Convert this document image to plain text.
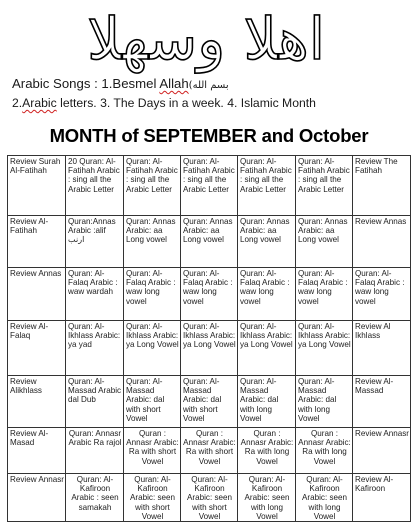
اهلا وسهلا
Arabic Songs : 1.Besmel Allah(بسم الله
2.Arabic letters. 3. The Days in a week. 4. Islamic Month
MONTH of SEPTEMBER and October
Review Surah Al-Fatihah	20 Quran: Al-Fatihah Arabic : sing all the Arabic Letter	Quran: Al-Fatihah Arabic : sing all the Arabic Letter	Quran: Al-Fatihah Arabic : sing all the Arabic Letter	Quran: Al-Fatihah Arabic : sing all the Arabic Letter	Quran: Al-Fatihah Arabic : sing all the Arabic Letter	Review The Fatihah
Review Al-Fatihah	Quran:Annas Arabic :alif ارنب	Quran: Annas Arabic: aa Long vowel	Quran: Annas Arabic: aa Long vowel	Quran: Annas Arabic: aa Long vowel	Quran: Annas Arabic: aa Long vowel	Review Annas
Review Annas	Quran: Al-Falaq Arabic : waw wardah	Quran: Al-Falaq Arabic : waw long vowel	Quran: Al-Falaq Arabic : waw long vowel	Quran: Al-Falaq Arabic : waw long vowel	Quran: Al-Falaq Arabic : waw long vowel	Quran: Al-Falaq Arabic : waw long vowel
Review Al-Falaq	Quran: Al-Ikhlass Arabic: ya yad	Quran: Al-Ikhlass Arabic: ya Long Vowel	Quran: Al-Ikhlass Arabic: ya Long Vowel	Quran: Al-Ikhlass Arabic: ya Long Vowel	Quran: Al-Ikhlass Arabic: ya Long Vowel	Review Al Ikhlass
Review Alikhlass	Quran: Al-Massad Arabic dal Dub	Quran: Al-Massad Arabic: dal with short Vowel	Quran: Al-Massad Arabic: dal with short Vowel	Quran: Al-Massad Arabic: dal with long Vowel	Quran: Al-Massad Arabic: dal with long Vowel	Review Al-Massad
Review Al-Masad	Quran: Annasr Arabic Ra rajol	Quran : Annasr Arabic: Ra with short Vowel	Quran : Annasr Arabic: Ra with short Vowel	Quran : Annasr Arabic: Ra with long Vowel	Quran : Annasr Arabic: Ra with long Vowel	Review Annasr
Review Annasr	Quran: Al-Kafiroon Arabic : seen samakah	Quran: Al-Kafiroon Arabic: seen with short Vowel	Quran: Al-Kafiroon Arabic: seen with short Vowel	Quran: Al-Kafiroon Arabic: seen with long Vowel	Quran: Al-Kafiroon Arabic: seen with long Vowel	Review Al-Kafiroon
